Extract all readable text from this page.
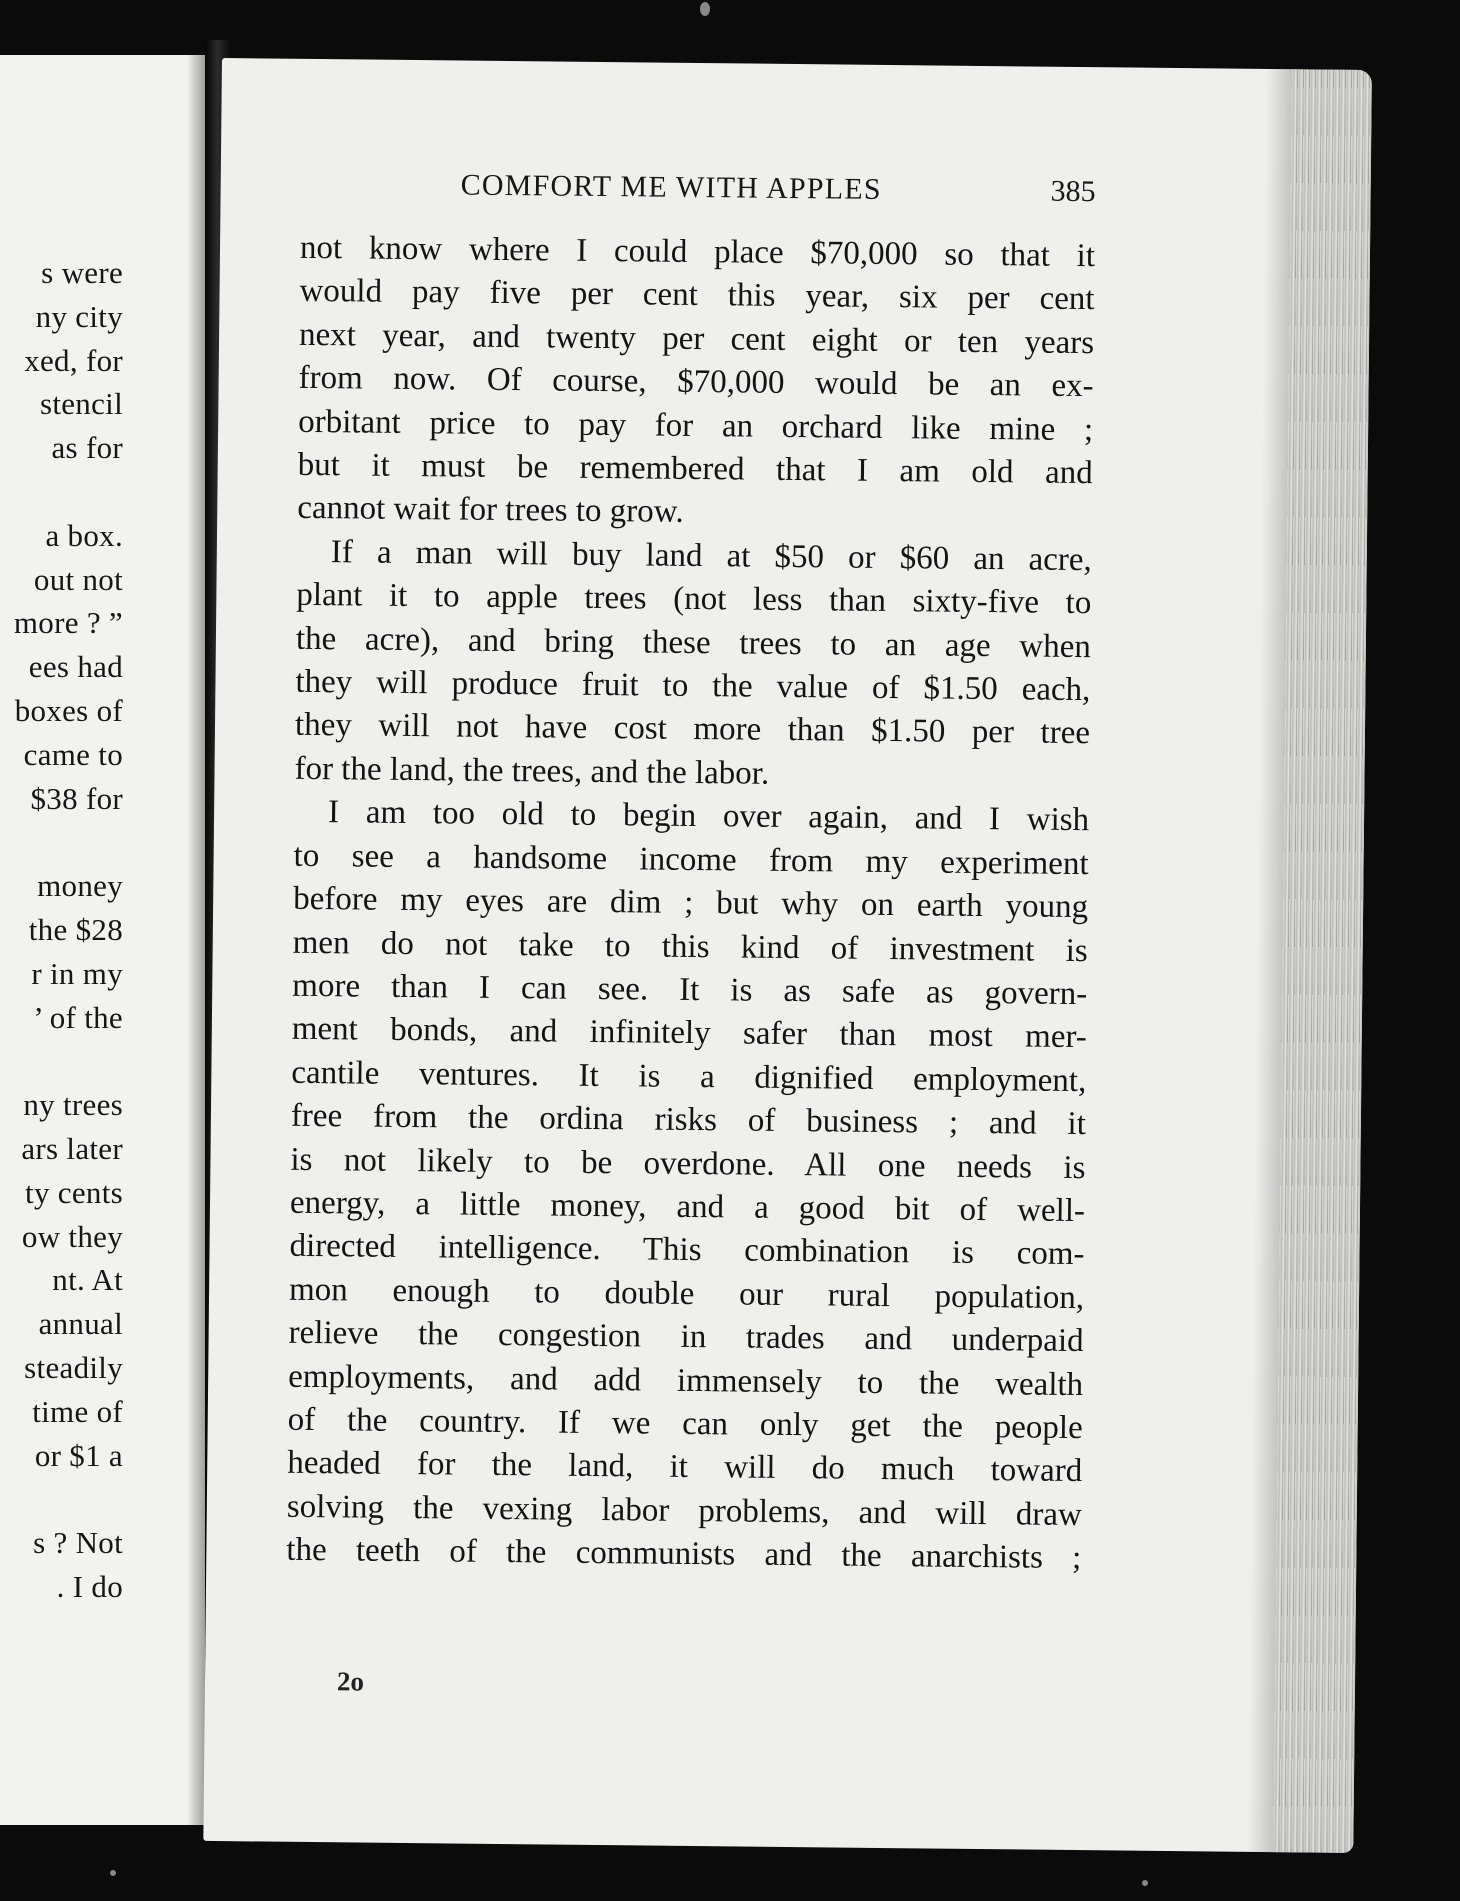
s were
ny city
xed, for
stencil
as for
a box.
out not
more ? ”
ees had
boxes of
came to
$38 for
money
the $28
r in my
’ of the
ny trees
ars later
ty cents
ow they
nt. At
annual
steadily
time of
or $1 a
s ? Not
. I do
COMFORT ME WITH APPLES	385
not know where I could place $70,000 so that it
would pay five per cent this year, six per cent
next year, and twenty per cent eight or ten years
from now. Of course, $70,000 would be an ex-
orbitant price to pay for an orchard like mine ;
but it must be remembered that I am old and
cannot wait for trees to grow.
If a man will buy land at $50 or $60 an acre,
plant it to apple trees (not less than sixty-five to
the acre), and bring these trees to an age when
they will produce fruit to the value of $1.50 each,
they will not have cost more than $1.50 per tree
for the land, the trees, and the labor.
I am too old to begin over again, and I wish
to see a handsome income from my experiment
before my eyes are dim ; but why on earth young
men do not take to this kind of investment is
more than I can see. It is as safe as govern-
ment bonds, and infinitely safer than most mer-
cantile ventures. It is a dignified employment,
free from the ordina risks of business ; and it
is not likely to be overdone. All one needs is
energy, a little money, and a good bit of well-
directed intelligence. This combination is com-
mon enough to double our rural population,
relieve the congestion in trades and underpaid
employments, and add immensely to the wealth
of the country. If we can only get the people
headed for the land, it will do much toward
solving the vexing labor problems, and will draw
the teeth of the communists and the anarchists ;
2o
